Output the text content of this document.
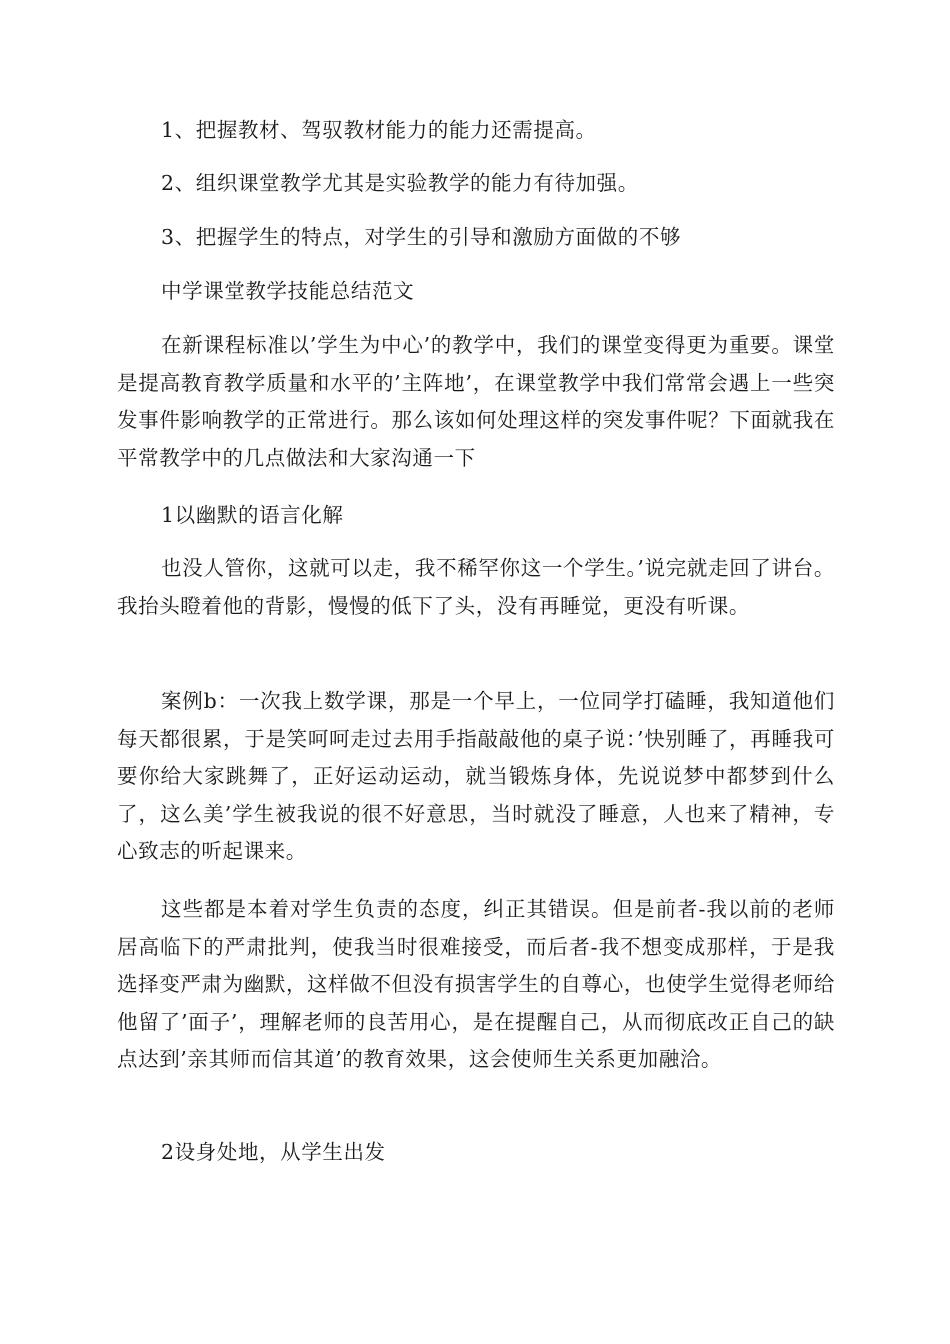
1、把握教材、驾驭教材能力的能力还需提高。

2、组织课堂教学尤其是实验教学的能力有待加强。

3、把握学生的特点，对学生的引导和激励方面做的不够

中学课堂教学技能总结范文

在新课程标准以’学生为中心’的教学中，我们的课堂变得更为重要。课堂是提高教育教学质量和水平的’主阵地’，在课堂教学中我们常常会遇上一些突发事件影响教学的正常进行。那么该如何处理这样的突发事件呢？下面就我在平常教学中的几点做法和大家沟通一下

1以幽默的语言化解

也没人管你，这就可以走，我不稀罕你这一个学生。’说完就走回了讲台。我抬头瞪着他的背影，慢慢的低下了头，没有再睡觉，更没有听课。

案例b：一次我上数学课，那是一个早上，一位同学打磕睡，我知道他们每天都很累，于是笑呵呵走过去用手指敲敲他的桌子说：’快别睡了，再睡我可要你给大家跳舞了，正好运动运动，就当锻炼身体，先说说梦中都梦到什么了，这么美’学生被我说的很不好意思，当时就没了睡意，人也来了精神，专心致志的听起课来。

这些都是本着对学生负责的态度，纠正其错误。但是前者-我以前的老师居高临下的严肃批判，使我当时很难接受，而后者-我不想变成那样，于是我选择变严肃为幽默，这样做不但没有损害学生的自尊心，也使学生觉得老师给他留了’面子’，理解老师的良苦用心，是在提醒自己，从而彻底改正自己的缺点达到’亲其师而信其道’的教育效果，这会使师生关系更加融洽。

2设身处地，从学生出发
